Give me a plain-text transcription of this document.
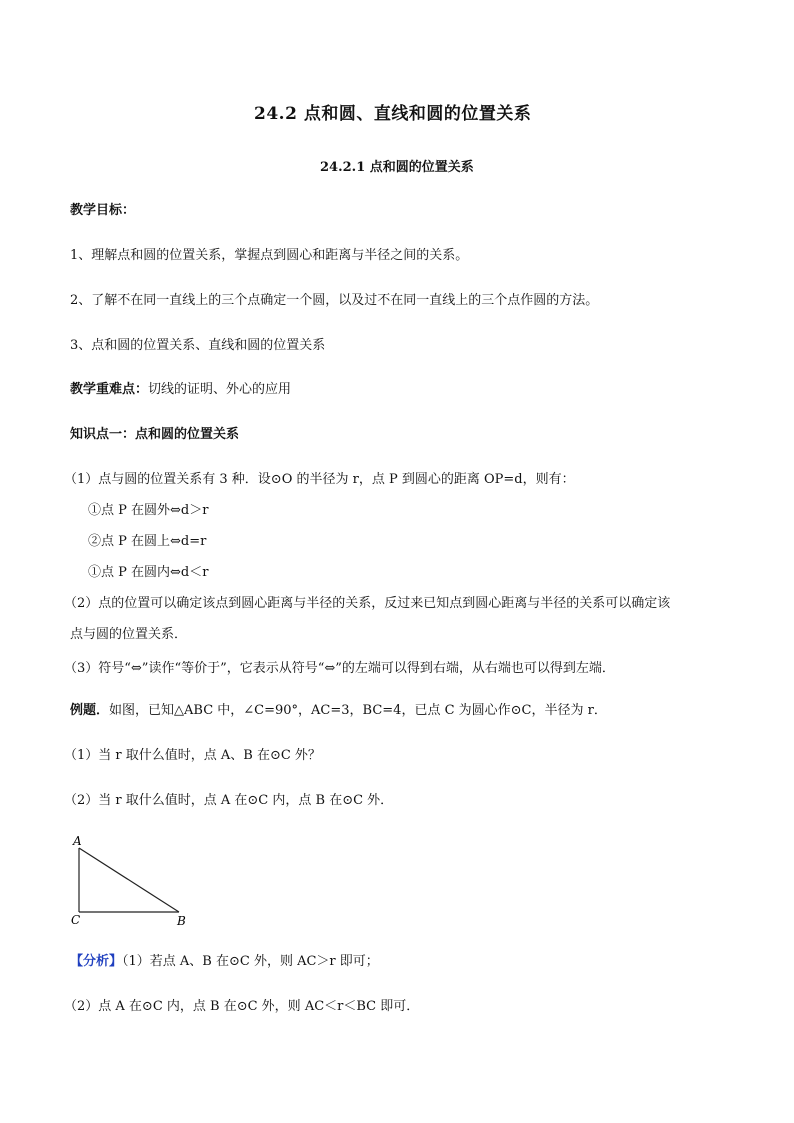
24.2 点和圆、直线和圆的位置关系
24.2.1 点和圆的位置关系
教学目标：
1、理解点和圆的位置关系，掌握点到圆心和距离与半径之间的关系。
2、了解不在同一直线上的三个点确定一个圆，以及过不在同一直线上的三个点作圆的方法。
3、点和圆的位置关系、直线和圆的位置关系
教学重难点：切线的证明、外心的应用
知识点一：点和圆的位置关系
（1）点与圆的位置关系有 3 种．设⊙O 的半径为 r，点 P 到圆心的距离 OP=d，则有：
①点 P 在圆外⇔d＞r
②点 P 在圆上⇔d=r
①点 P 在圆内⇔d＜r
（2）点的位置可以确定该点到圆心距离与半径的关系，反过来已知点到圆心距离与半径的关系可以确定该
点与圆的位置关系．
（3）符号“⇔”读作“等价于”，它表示从符号“⇔”的左端可以得到右端，从右端也可以得到左端．
例题．如图，已知△ABC 中，∠C=90°，AC=3，BC=4，已点 C 为圆心作⊙C，半径为 r．
（1）当 r 取什么值时，点 A、B 在⊙C 外？
（2）当 r 取什么值时，点 A 在⊙C 内，点 B 在⊙C 外．
A
C	B
【分析】（1）若点 A、B 在⊙C 外，则 AC＞r 即可；
（2）点 A 在⊙C 内，点 B 在⊙C 外，则 AC＜r＜BC 即可．
